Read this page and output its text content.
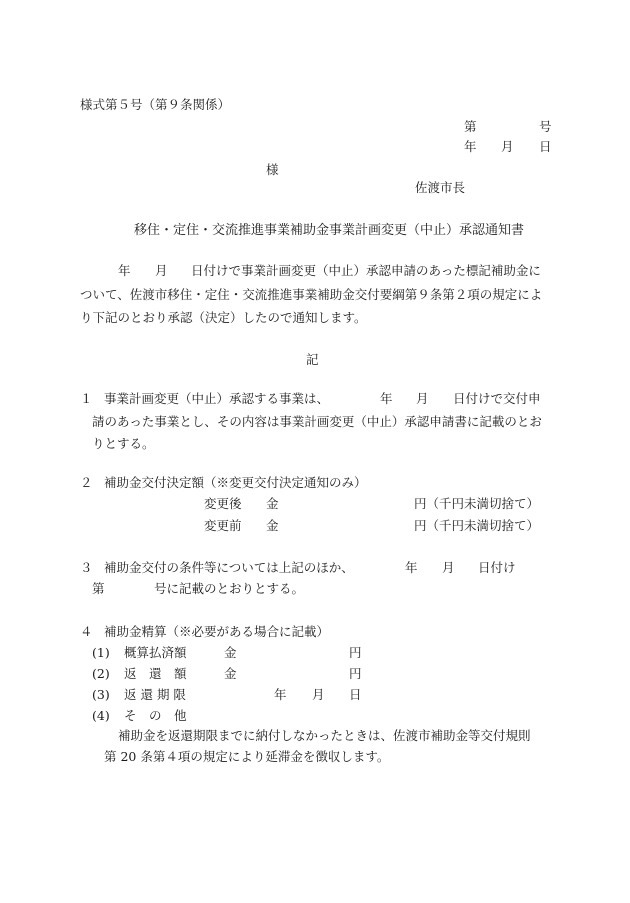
様式第５号（第９条関係）
第	号
年 月 日
様
佐渡市長
移住・定住・交流推進事業補助金事業計画変更（中止）承認通知書
年 月 日付けで事業計画変更（中止）承認申請のあった標記補助金に
ついて、佐渡市移住・定住・交流推進事業補助金交付要綱第９条第２項の規定によ
り下記のとおり承認（決定）したので通知します。
記
１ 事業計画変更（中止）承認する事業は、	年 月 日付けで交付申
請のあった事業とし、その内容は事業計画変更（中止）承認申請書に記載のとお
りとする。
２ 補助金交付決定額（※変更交付決定通知のみ）
変更後 金	円（千円未満切捨て）
変更前 金	円（千円未満切捨て）
３ 補助金交付の条件等については上記のほか、	年 月 日付け
第	号に記載のとおりとする。
４ 補助金精算（※必要がある場合に記載）
(1) 概算払済額	金	円
(2) 返　還　額	金	円
(3) 返 還 期 限	年 月 日
(4) そ　の　他
補助金を返還期限までに納付しなかったときは、佐渡市補助金等交付規則
第 20 条第４項の規定により延滞金を徴収します。
